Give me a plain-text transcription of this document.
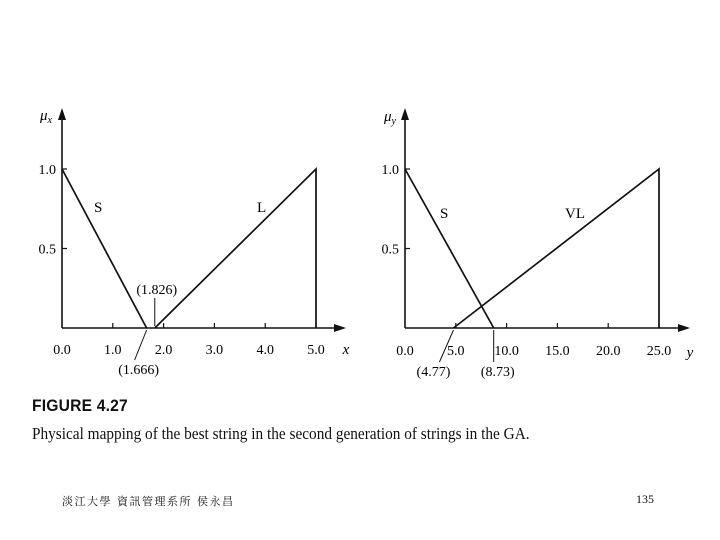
$\mu_x$
x
0.0 1.0 2.0 3.0 4.0 5.0
1.0
0.5
S	L
(1.826)
(1.666)
$\mu_y$
y
0.0 5.0 10.0 15.0 20.0 25.0
1.0
0.5
S	VL
(4.77) (8.73)
FIGURE 4.27
Physical mapping of the best string in the second generation of strings in the GA.
淡江大學 資訊管理系所 侯永昌	135
